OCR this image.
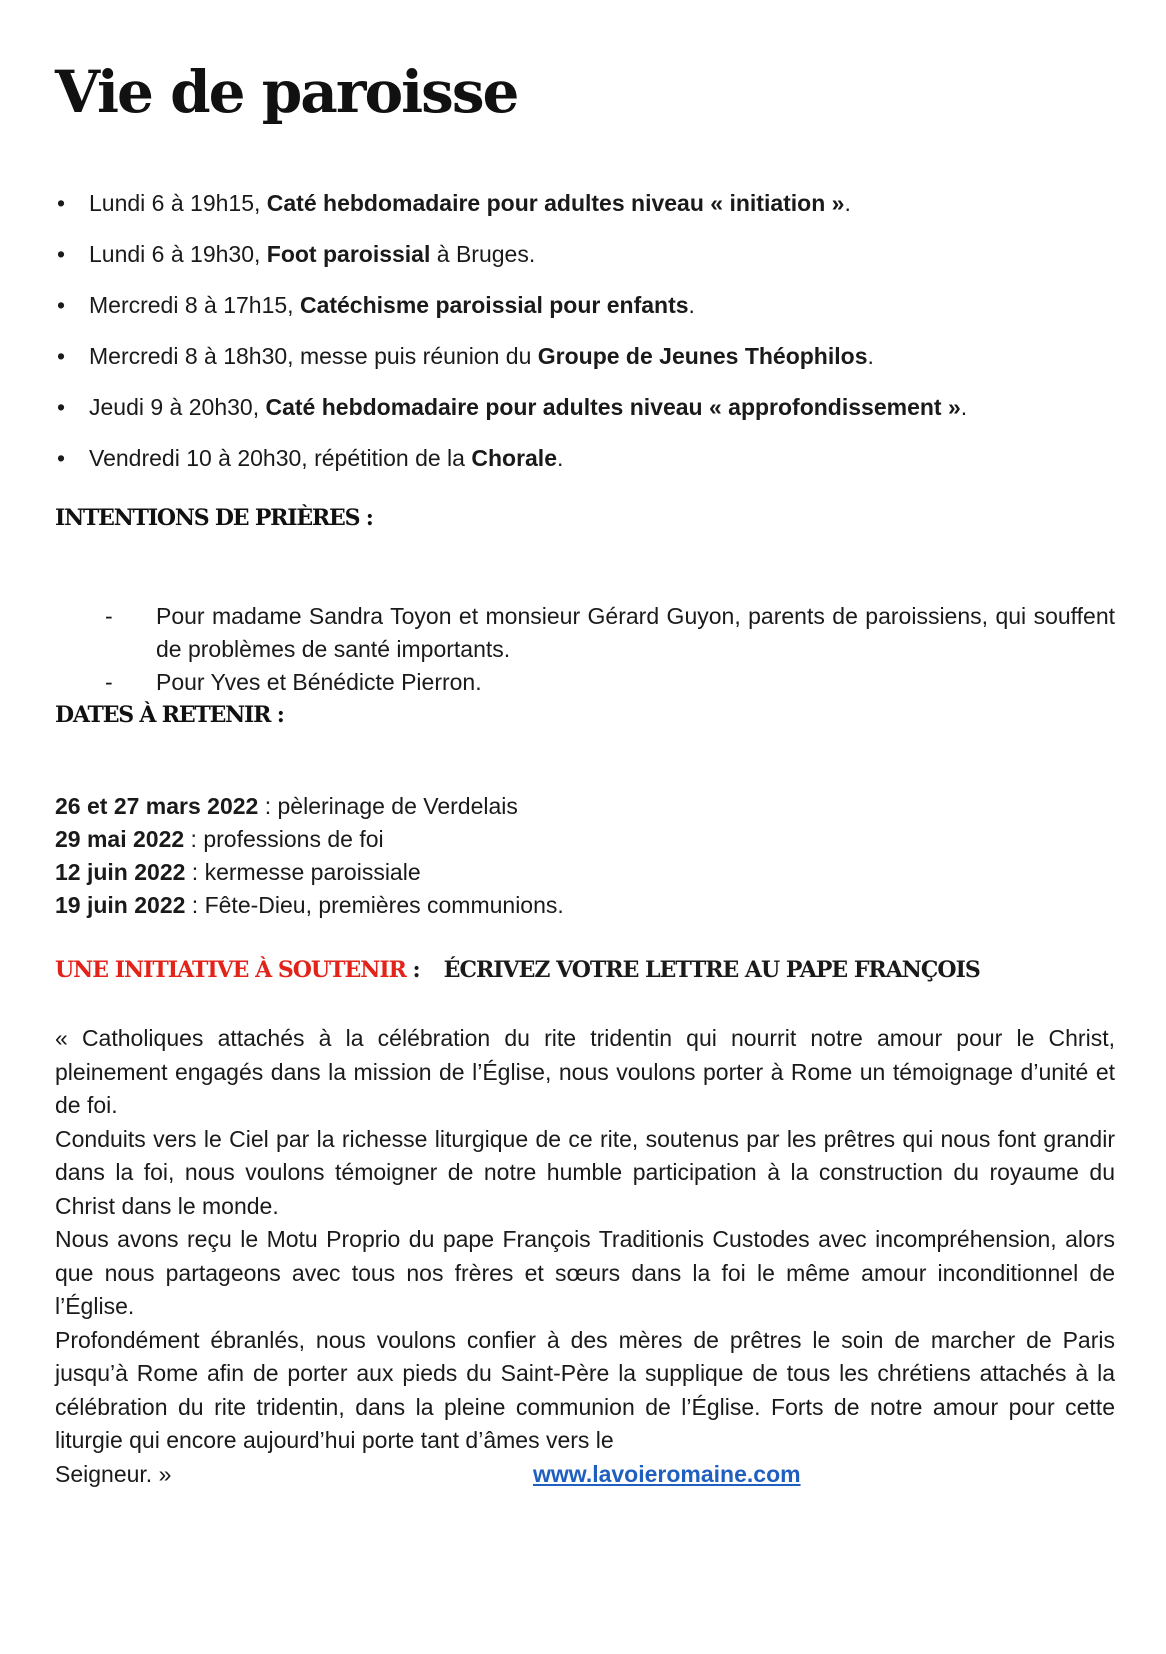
Vie de paroisse
• Lundi 6 à 19h15, Caté hebdomadaire pour adultes niveau « initiation ».
• Lundi 6 à 19h30, Foot paroissial à Bruges.
• Mercredi 8 à 17h15, Catéchisme paroissial pour enfants.
• Mercredi 8 à 18h30, messe puis réunion du Groupe de Jeunes Théophilos.
• Jeudi 9 à 20h30, Caté hebdomadaire pour adultes niveau « approfondissement ».
• Vendredi 10 à 20h30, répétition de la Chorale.
INTENTIONS DE PRIÈRES :
- Pour madame Sandra Toyon et monsieur Gérard Guyon, parents de paroissiens, qui souffent de problèmes de santé importants.
- Pour Yves et Bénédicte Pierron.
DATES À RETENIR :
26 et 27 mars 2022 : pèlerinage de Verdelais
29 mai 2022 : professions de foi
12 juin 2022 : kermesse paroissiale
19 juin 2022 : Fête-Dieu, premières communions.
UNE INITIATIVE À SOUTENIR : ÉCRIVEZ VOTRE LETTRE AU PAPE FRANÇOIS

« Catholiques attachés à la célébration du rite tridentin qui nourrit notre amour pour le Christ, pleinement engagés dans la mission de l’Église, nous voulons porter à Rome un témoignage d’unité et de foi.

Conduits vers le Ciel par la richesse liturgique de ce rite, soutenus par les prêtres qui nous font grandir dans la foi, nous voulons témoigner de notre humble participation à la construction du royaume du Christ dans le monde.

Nous avons reçu le Motu Proprio du pape François Traditionis Custodes avec incompréhension, alors que nous partageons avec tous nos frères et sœurs dans la foi le même amour inconditionnel de l’Église.

Profondément ébranlés, nous voulons confier à des mères de prêtres le soin de marcher de Paris jusqu’à Rome afin de porter aux pieds du Saint-Père la supplique de tous les chrétiens attachés à la célébration du rite tridentin, dans la pleine communion de l’Église. Forts de notre amour pour cette liturgie qui encore aujourd’hui porte tant d’âmes vers le

Seigneur. »	www.lavoieromaine.com
